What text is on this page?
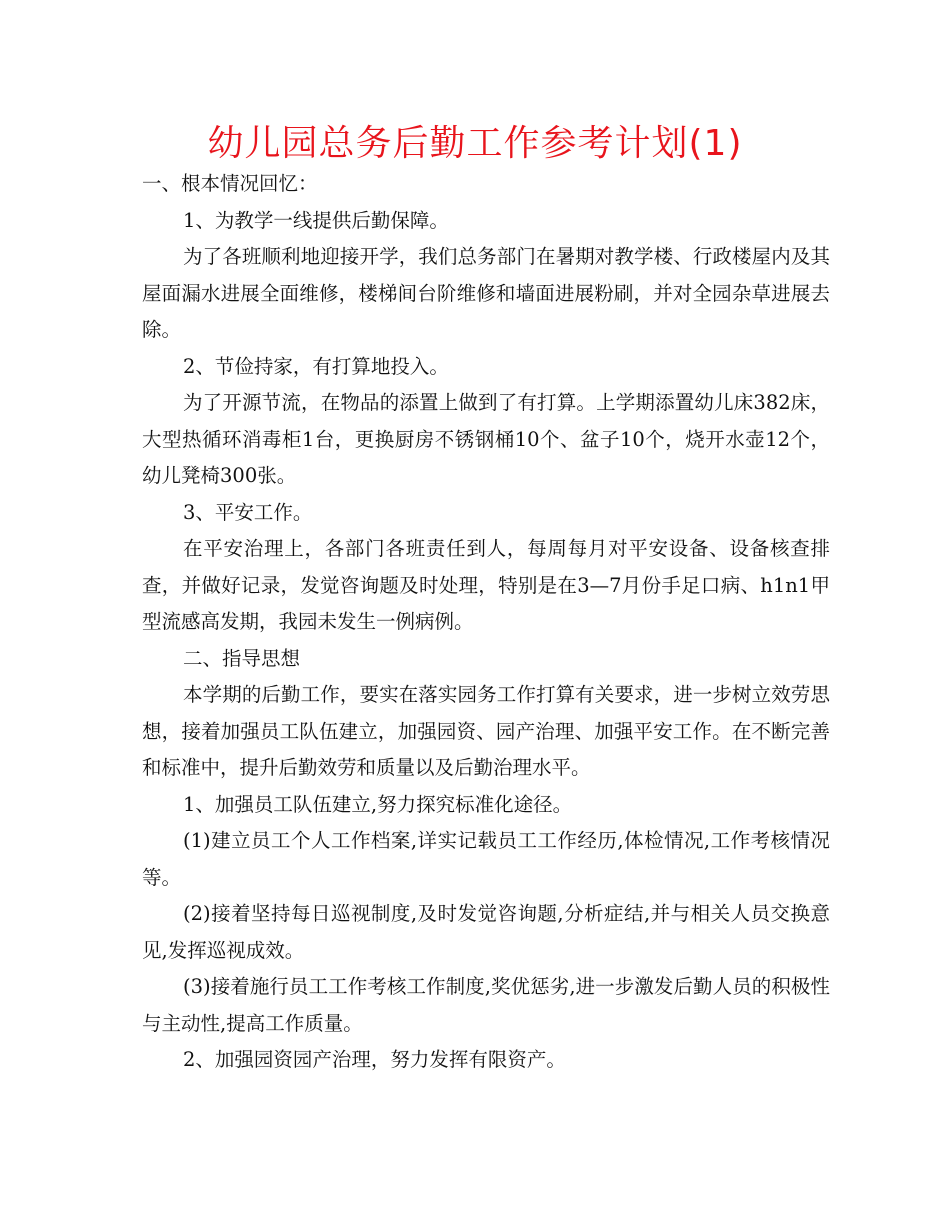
幼儿园总务后勤工作参考计划(1)

一、根本情况回忆：

1、为教学一线提供后勤保障。

为了各班顺利地迎接开学，我们总务部门在暑期对教学楼、行政楼屋内及其屋面漏水进展全面维修，楼梯间台阶维修和墙面进展粉刷，并对全园杂草进展去除。

2、节俭持家，有打算地投入。

为了开源节流，在物品的添置上做到了有打算。上学期添置幼儿床382床，大型热循环消毒柜1台，更换厨房不锈钢桶10个、盆子10个，烧开水壶12个，幼儿凳椅300张。

3、平安工作。

在平安治理上，各部门各班责任到人，每周每月对平安设备、设备核查排查，并做好记录，发觉咨询题及时处理，特别是在3—7月份手足口病、h1n1甲型流感高发期，我园未发生一例病例。

二、指导思想

本学期的后勤工作，要实在落实园务工作打算有关要求，进一步树立效劳思想，接着加强员工队伍建立，加强园资、园产治理、加强平安工作。在不断完善和标准中，提升后勤效劳和质量以及后勤治理水平。

1、加强员工队伍建立,努力探究标准化途径。

(1)建立员工个人工作档案,详实记载员工工作经历,体检情况,工作考核情况等。

(2)接着坚持每日巡视制度,及时发觉咨询题,分析症结,并与相关人员交换意见,发挥巡视成效。

(3)接着施行员工工作考核工作制度,奖优惩劣,进一步激发后勤人员的积极性与主动性,提高工作质量。

2、加强园资园产治理，努力发挥有限资产。
